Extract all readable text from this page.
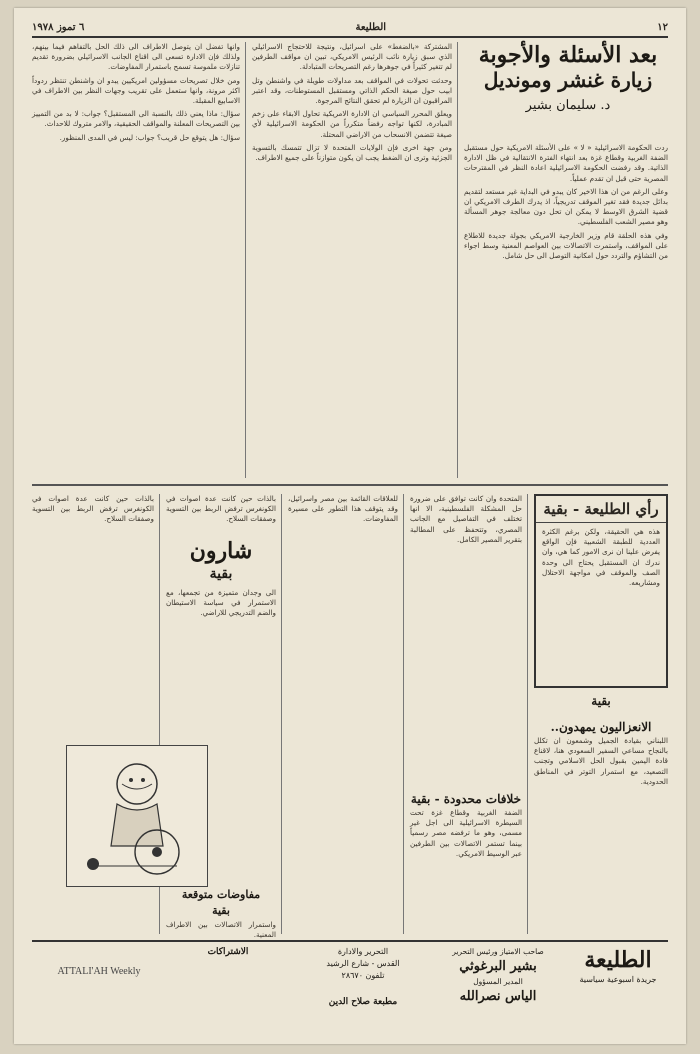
١٢
الطليعة
٦ تموز ١٩٧٨
بعد الأسئلة والأجوبة
زيارة غنشر ومونديل
د. سليمان بشير

ردت الحكومة الاسرائيلية « لا » على الأسئلة الامريكية حول مستقبل الضفة الغربية وقطاع غزة بعد انتهاء الفترة الانتقالية في ظل الادارة الذاتية. وقد رفضت الحكومة الاسرائيلية اعادة النظر في المقترحات المصرية حتى قبل ان تقدم عملياً.

وعلى الرغم من ان هذا الاخير كان يبدو في البداية غير مستعد لتقديم بدائل جديدة فقد تغير الموقف تدريجياً، اذ يدرك الطرف الامريكي ان قضية الشرق الاوسط لا يمكن ان تحل دون معالجة جوهر المسألة وهو مصير الشعب الفلسطيني.

وفي هذه الحلقة قام وزير الخارجية الامريكي بجولة جديدة للاطلاع على المواقف، واستمرت الاتصالات بين العواصم المعنية وسط اجواء من التشاؤم والتردد حول امكانية التوصل الى حل شامل.

المشتركة «بالضغط» على اسرائيل، ونتيجة للاحتجاج الاسرائيلي الذي سبق زيارة نائب الرئيس الامريكي، تبين ان مواقف الطرفين لم تتغير كثيراً في جوهرها رغم التصريحات المتبادلة.

وحدثت تحولات في المواقف بعد مداولات طويلة في واشنطن وتل ابيب حول صيغة الحكم الذاتي ومستقبل المستوطنات، وقد اعتبر المراقبون ان الزيارة لم تحقق النتائج المرجوة.

ويعلق المحرر السياسي ان الادارة الامريكية تحاول الابقاء على زخم المبادرة، لكنها تواجه رفضاً متكرراً من الحكومة الاسرائيلية لأي صيغة تتضمن الانسحاب من الاراضي المحتلة.

ومن جهة اخرى فإن الولايات المتحدة لا تزال تتمسك بالتسوية الجزئية وترى ان الضغط يجب ان يكون متوازناً على جميع الاطراف.

وانها تفضل ان يتوصل الاطراف الى ذلك الحل بالتفاهم فيما بينهم، ولذلك فإن الادارة تسعى الى اقناع الجانب الاسرائيلي بضرورة تقديم تنازلات ملموسة تسمح باستمرار المفاوضات.

ومن خلال تصريحات مسؤولين امريكيين يبدو ان واشنطن تنتظر ردوداً اكثر مرونة، وانها ستعمل على تقريب وجهات النظر بين الاطراف في الاسابيع المقبلة.

سؤال: ماذا يعني ذلك بالنسبة الى المستقبل؟ جواب: لا بد من التمييز بين التصريحات المعلنة والمواقف الحقيقية، والامر متروك للاحداث.

سؤال: هل يتوقع حل قريب؟ جواب: ليس في المدى المنظور.

رأي الطليعة - بقية
هذه هي الحقيقة، ولكن برغم الكثرة العددية للطبقة الشعبية فإن الواقع يفرض علينا ان نرى الامور كما هي، وان ندرك ان المستقبل يحتاج الى وحدة الصف والموقف في مواجهة الاحتلال ومشاريعه.
بقية
الانعزاليون يمهدون..

اللبناني بقيادة الجميل وشمعون ان تكلل بالنجاح مساعي السفير السعودي هنا، لاقناع قادة اليمين بقبول الحل الاسلامي وتجنب التصعيد، مع استمرار التوتر في المناطق الحدودية.

المتحدة وان كانت توافق على ضرورة حل المشكلة الفلسطينية، الا انها تختلف في التفاصيل مع الجانب المصري، وتتحفظ على المطالبة بتقرير المصير الكامل.

خلافات محدودة - بقية

الضفة الغربية وقطاع غزة تحت السيطرة الاسرائيلية الى اجل غير مسمى، وهو ما ترفضه مصر رسمياً بينما تستمر الاتصالات بين الطرفين عبر الوسيط الامريكي.

للعلاقات القائمة بين مصر واسرائيل، وقد يتوقف هذا التطور على مسيرة المفاوضات.

بالذات حين كانت عدة اصوات في الكونغرس ترفض الربط بين التسوية وصفقات السلاح.

شارون
بقية

الى وجدان متميزة من تجمعها، مع الاستمرار في سياسة الاستيطان والضم التدريجي للاراضي.

مفاوضات متوقعة
بقية

واستمرار الاتصالات بين الاطراف المعنية.

بالذات حين كانت عدة اصوات في الكونغرس ترفض الربط بين التسوية وصفقات السلاح.

الطليعة
جريدة اسبوعية سياسية
صاحب الامتياز ورئيس التحرير
بشير البرغوثي
المدير المسؤول
الياس نصرالله
التحرير والادارة
القدس - شارع الرشيد
تلفون ٢٨٦٧٠
مطبعة صلاح الدين
الاشتراكات
ATTALI'AH Weekly
